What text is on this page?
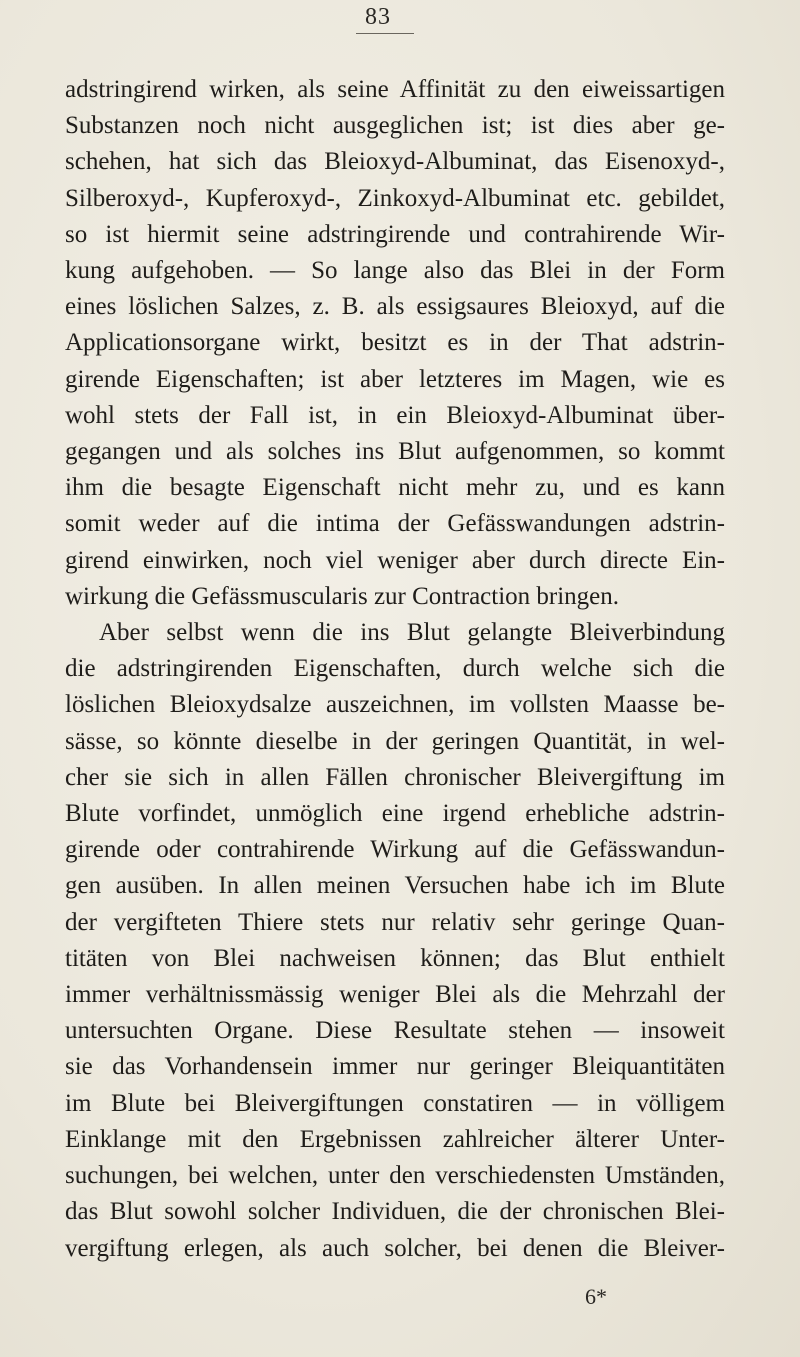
83
adstringirend wirken, als seine Affinität zu den eiweissartigen
Substanzen noch nicht ausgeglichen ist; ist dies aber ge-
schehen, hat sich das Bleioxyd-Albuminat, das Eisenoxyd-,
Silberoxyd-, Kupferoxyd-, Zinkoxyd-Albuminat etc. gebildet,
so ist hiermit seine adstringirende und contrahirende Wir-
kung aufgehoben. — So lange also das Blei in der Form
eines löslichen Salzes, z. B. als essigsaures Bleioxyd, auf die
Applicationsorgane wirkt, besitzt es in der That adstrin-
girende Eigenschaften; ist aber letzteres im Magen, wie es
wohl stets der Fall ist, in ein Bleioxyd-Albuminat über-
gegangen und als solches ins Blut aufgenommen, so kommt
ihm die besagte Eigenschaft nicht mehr zu, und es kann
somit weder auf die intima der Gefässwandungen adstrin-
girend einwirken, noch viel weniger aber durch directe Ein-
wirkung die Gefässmuscularis zur Contraction bringen.
Aber selbst wenn die ins Blut gelangte Bleiverbindung
die adstringirenden Eigenschaften, durch welche sich die
löslichen Bleioxydsalze auszeichnen, im vollsten Maasse be-
sässe, so könnte dieselbe in der geringen Quantität, in wel-
cher sie sich in allen Fällen chronischer Bleivergiftung im
Blute vorfindet, unmöglich eine irgend erhebliche adstrin-
girende oder contrahirende Wirkung auf die Gefässwandun-
gen ausüben. In allen meinen Versuchen habe ich im Blute
der vergifteten Thiere stets nur relativ sehr geringe Quan-
titäten von Blei nachweisen können; das Blut enthielt
immer verhältnissmässig weniger Blei als die Mehrzahl der
untersuchten Organe. Diese Resultate stehen — insoweit
sie das Vorhandensein immer nur geringer Bleiquantitäten
im Blute bei Bleivergiftungen constatiren — in völligem
Einklange mit den Ergebnissen zahlreicher älterer Unter-
suchungen, bei welchen, unter den verschiedensten Umständen,
das Blut sowohl solcher Individuen, die der chronischen Blei-
vergiftung erlegen, als auch solcher, bei denen die Bleiver-
6*
